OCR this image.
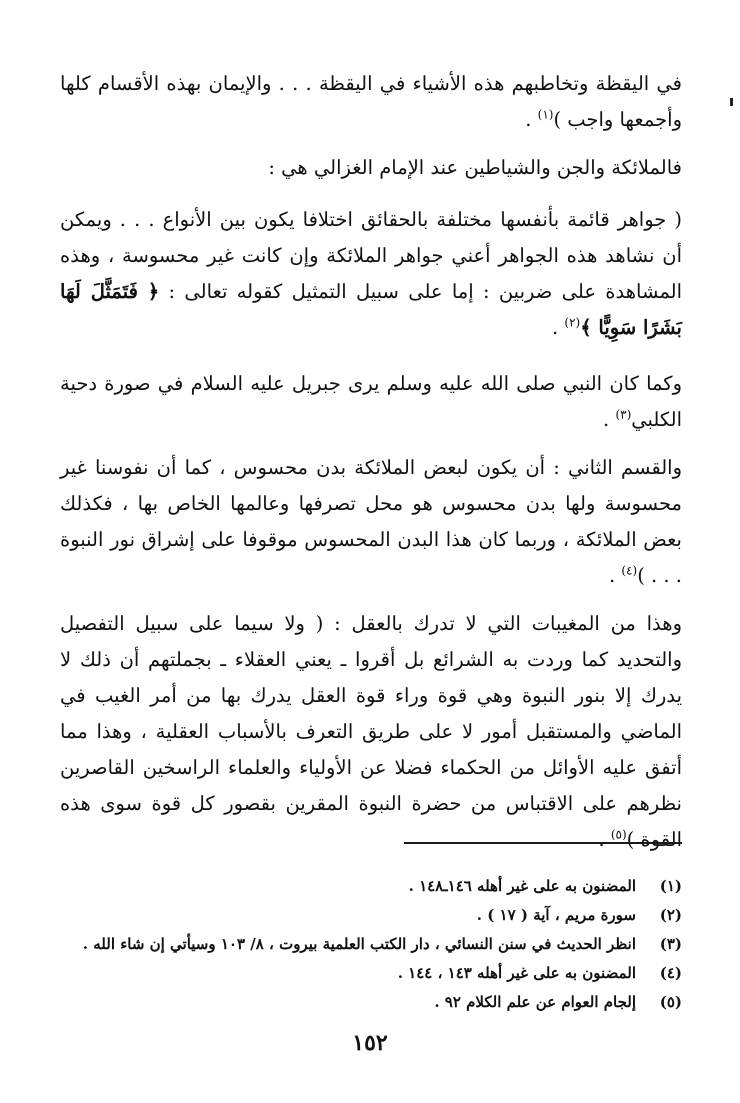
في اليقظة وتخاطبهم هذه الأشياء في اليقظة . . . والإيمان بهذه الأقسام كلها وأجمعها واجب )$^{(١)}$ .

فالملائكة والجن والشياطين عند الإمام الغزالي هي :

( جواهر قائمة بأنفسها مختلفة بالحقائق اختلافا يكون بين الأنواع . . . ويمكن أن نشاهد هذه الجواهر أعني جواهر الملائكة وإن كانت غير محسوسة ، وهذه المشاهدة على ضربين : إما على سبيل التمثيل كقوله تعالى : ﴿ فَتَمَثَّلَ لَهَا بَشَرًا سَوِيًّا ﴾$^{(٢)}$ .

وكما كان النبي صلى الله عليه وسلم يرى جبريل عليه السلام في صورة دحية الكلبي$^{(٣)}$ .

والقسم الثاني : أن يكون لبعض الملائكة بدن محسوس ، كما أن نفوسنا غير محسوسة ولها بدن محسوس هو محل تصرفها وعالمها الخاص بها ، فكذلك بعض الملائكة ، وربما كان هذا البدن المحسوس موقوفا على إشراق نور النبوة . . . )$^{(٤)}$ .

وهذا من المغيبات التي لا تدرك بالعقل : ( ولا سيما على سبيل التفصيل والتحديد كما وردت به الشرائع بل أقروا ـ يعني العقلاء ـ بجملتهم أن ذلك لا يدرك إلا بنور النبوة وهي قوة وراء قوة العقل يدرك بها من أمر الغيب في الماضي والمستقبل أمور لا على طريق التعرف بالأسباب العقلية ، وهذا مما أتفق عليه الأوائل من الحكماء فضلا عن الأولياء والعلماء الراسخين القاصرين نظرهم على الاقتباس من حضرة النبوة المقرين بقصور كل قوة سوى هذه القوة )$^{(٥)}$ .

(١)المضنون به على غير أهله ١٤٦ـ١٤٨ .
(٢)سورة مريم ، آية ( ١٧ ) .
(٣)انظر الحديث في سنن النسائي ، دار الكتب العلمية بيروت ، ٨/ ١٠٣ وسيأتي إن شاء الله .
(٤)المضنون به على غير أهله ١٤٣ ، ١٤٤ .
(٥)إلجام العوام عن علم الكلام ٩٢ .
١٥٢
